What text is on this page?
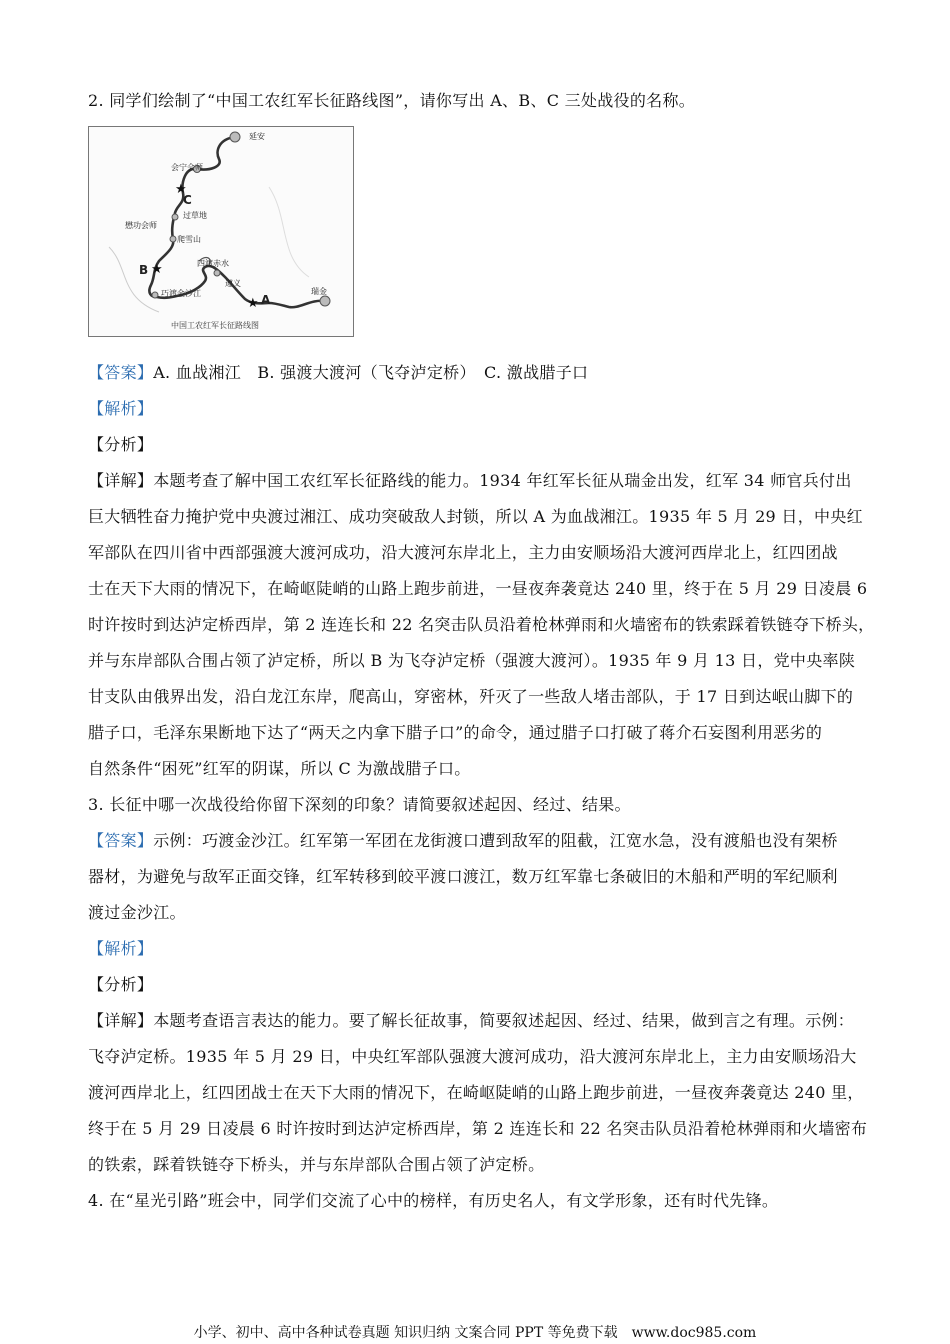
2. 同学们绘制了“中国工农红军长征路线图”，请你写出 A、B、C 三处战役的名称。
★
★
★
延安
会宁会师
C
过草地
懋功会师
爬雪山
四渡赤水
B
遵义
巧渡金沙江	A
瑞金
中国工农红军长征路线图
【答案】A. 血战湘江　B. 强渡大渡河（飞夺泸定桥）　C. 激战腊子口
【解析】
【分析】
【详解】本题考查了解中国工农红军长征路线的能力。1934 年红军长征从瑞金出发，红军 34 师官兵付出
巨大牺牲奋力掩护党中央渡过湘江、成功突破敌人封锁，所以 A 为血战湘江。1935 年 5 月 29 日，中央红
军部队在四川省中西部强渡大渡河成功，沿大渡河东岸北上，主力由安顺场沿大渡河西岸北上，红四团战
士在天下大雨的情况下，在崎岖陡峭的山路上跑步前进，一昼夜奔袭竟达 240 里，终于在 5 月 29 日凌晨 6
时许按时到达泸定桥西岸，第 2 连连长和 22 名突击队员沿着枪林弹雨和火墙密布的铁索踩着铁链夺下桥头，
并与东岸部队合围占领了泸定桥，所以 B 为飞夺泸定桥（强渡大渡河）。1935 年 9 月 13 日，党中央率陕
甘支队由俄界出发，沿白龙江东岸，爬高山，穿密林，歼灭了一些敌人堵击部队，于 17 日到达岷山脚下的
腊子口，毛泽东果断地下达了“两天之内拿下腊子口”的命令，通过腊子口打破了蒋介石妄图利用恶劣的
自然条件“困死”红军的阴谋，所以 C 为激战腊子口。
3. 长征中哪一次战役给你留下深刻的印象？请简要叙述起因、经过、结果。
【答案】示例：巧渡金沙江。红军第一军团在龙街渡口遭到敌军的阻截，江宽水急，没有渡船也没有架桥
器材，为避免与敌军正面交锋，红军转移到皎平渡口渡江，数万红军靠七条破旧的木船和严明的军纪顺利
渡过金沙江。
【解析】
【分析】
【详解】本题考查语言表达的能力。要了解长征故事，简要叙述起因、经过、结果，做到言之有理。示例：
飞夺泸定桥。1935 年 5 月 29 日，中央红军部队强渡大渡河成功，沿大渡河东岸北上，主力由安顺场沿大
渡河西岸北上，红四团战士在天下大雨的情况下，在崎岖陡峭的山路上跑步前进，一昼夜奔袭竟达 240 里，
终于在 5 月 29 日凌晨 6 时许按时到达泸定桥西岸，第 2 连连长和 22 名突击队员沿着枪林弹雨和火墙密布
的铁索，踩着铁链夺下桥头，并与东岸部队合围占领了泸定桥。
4. 在“星光引路”班会中，同学们交流了心中的榜样，有历史名人，有文学形象，还有时代先锋。
小学、初中、高中各种试卷真题 知识归纳 文案合同 PPT 等免费下载　www.doc985.com
